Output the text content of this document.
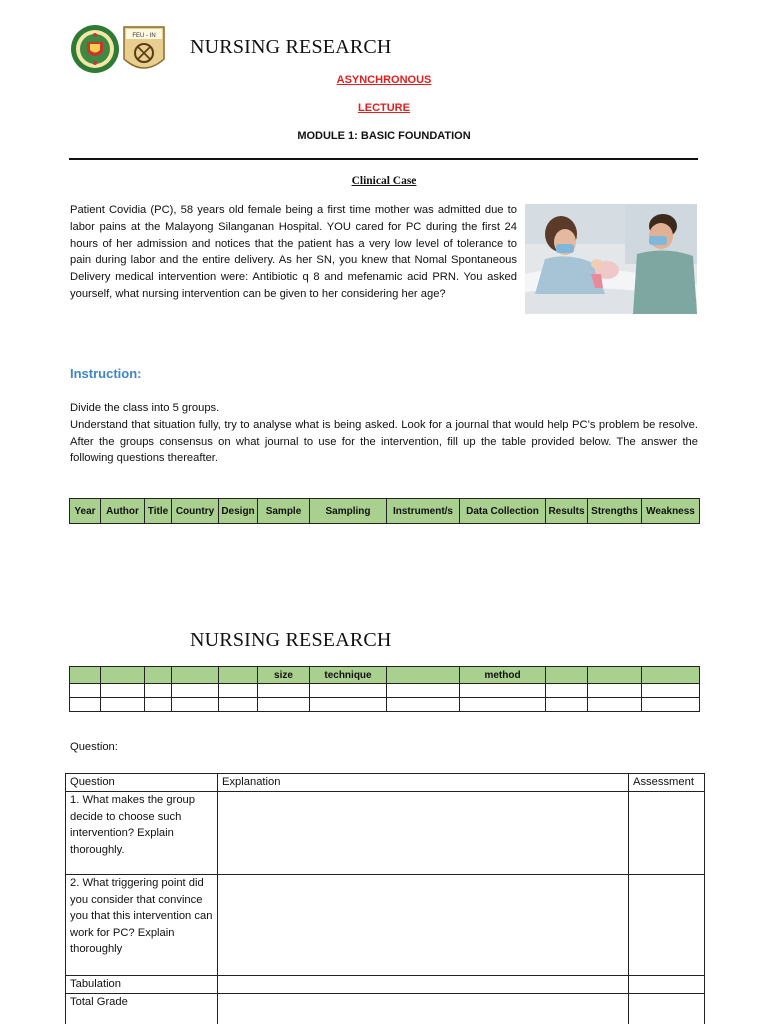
FEU - IN NURSING RESEARCH
ASYNCHRONOUS
LECTURE
MODULE 1: BASIC FOUNDATION
Clinical Case
Patient Covidia (PC), 58 years old female being a first time mother was admitted due to labor pains at the Malayong Silanganan Hospital. YOU cared for PC during the first 24 hours of her admission and notices that the patient has a very low level of tolerance to pain during labor and the entire delivery. As her SN, you knew that Nomal Spontaneous Delivery medical intervention were: Antibiotic q 8 and mefenamic acid PRN. You asked yourself, what nursing intervention can be given to her considering her age?
Instruction:

Divide the class into 5 groups.

Understand that situation fully, try to analyse what is being asked. Look for a journal that would help PC’s problem be resolve. After the groups consensus on what journal to use for the intervention, fill up the table provided below. The answer the following questions thereafter.

Year	Author	Title	Country	Design	Sample	Sampling	Instrument/s	Data Collection	Results	Strengths	Weakness
NURSING RESEARCH
					size	technique		method			

Question:
Question	Explanation	Assessment
1. What makes the group decide to choose such intervention? Explain thoroughly.		
2. What triggering point did you consider that convince you that this intervention can work for PC? Explain thoroughly		
Tabulation		
Total Grade		
